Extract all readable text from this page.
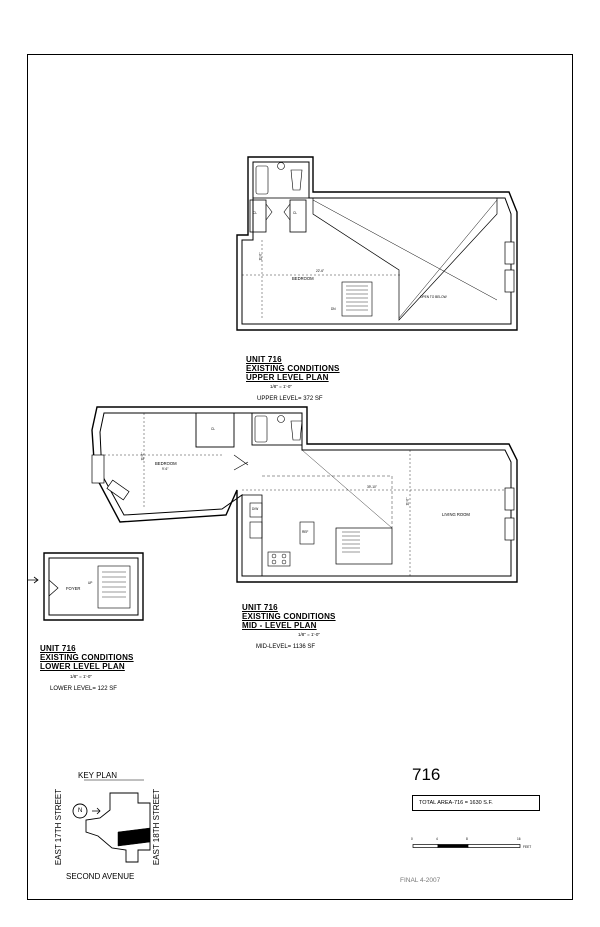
BEDROOM
OPEN TO BELOW
CL	CL
DN
22'-6"
11'-0"
UNIT 716
EXISTING CONDITIONS
UPPER LEVEL PLAN
1/8" = 1'-0"
UPPER LEVEL= 372 SF
BEDROOM
9'-6"
LIVING ROOM
CL
D/W
REF
39'-10"
11'-0"
11'-0"
UNIT 716
EXISTING CONDITIONS
MID - LEVEL PLAN
1/8" = 1'-0"
MID-LEVEL= 1136 SF
FOYER
UP
UNIT 716
EXISTING CONDITIONS
LOWER LEVEL PLAN
1/8" = 1'-0"
LOWER LEVEL= 122 SF
716
TOTAL AREA-716 = 1630 S.F.
0	4	8	16
FEET
FINAL 4-2007
KEY PLAN
N
EAST 17TH STREET	EAST 18TH STREET
SECOND AVENUE
